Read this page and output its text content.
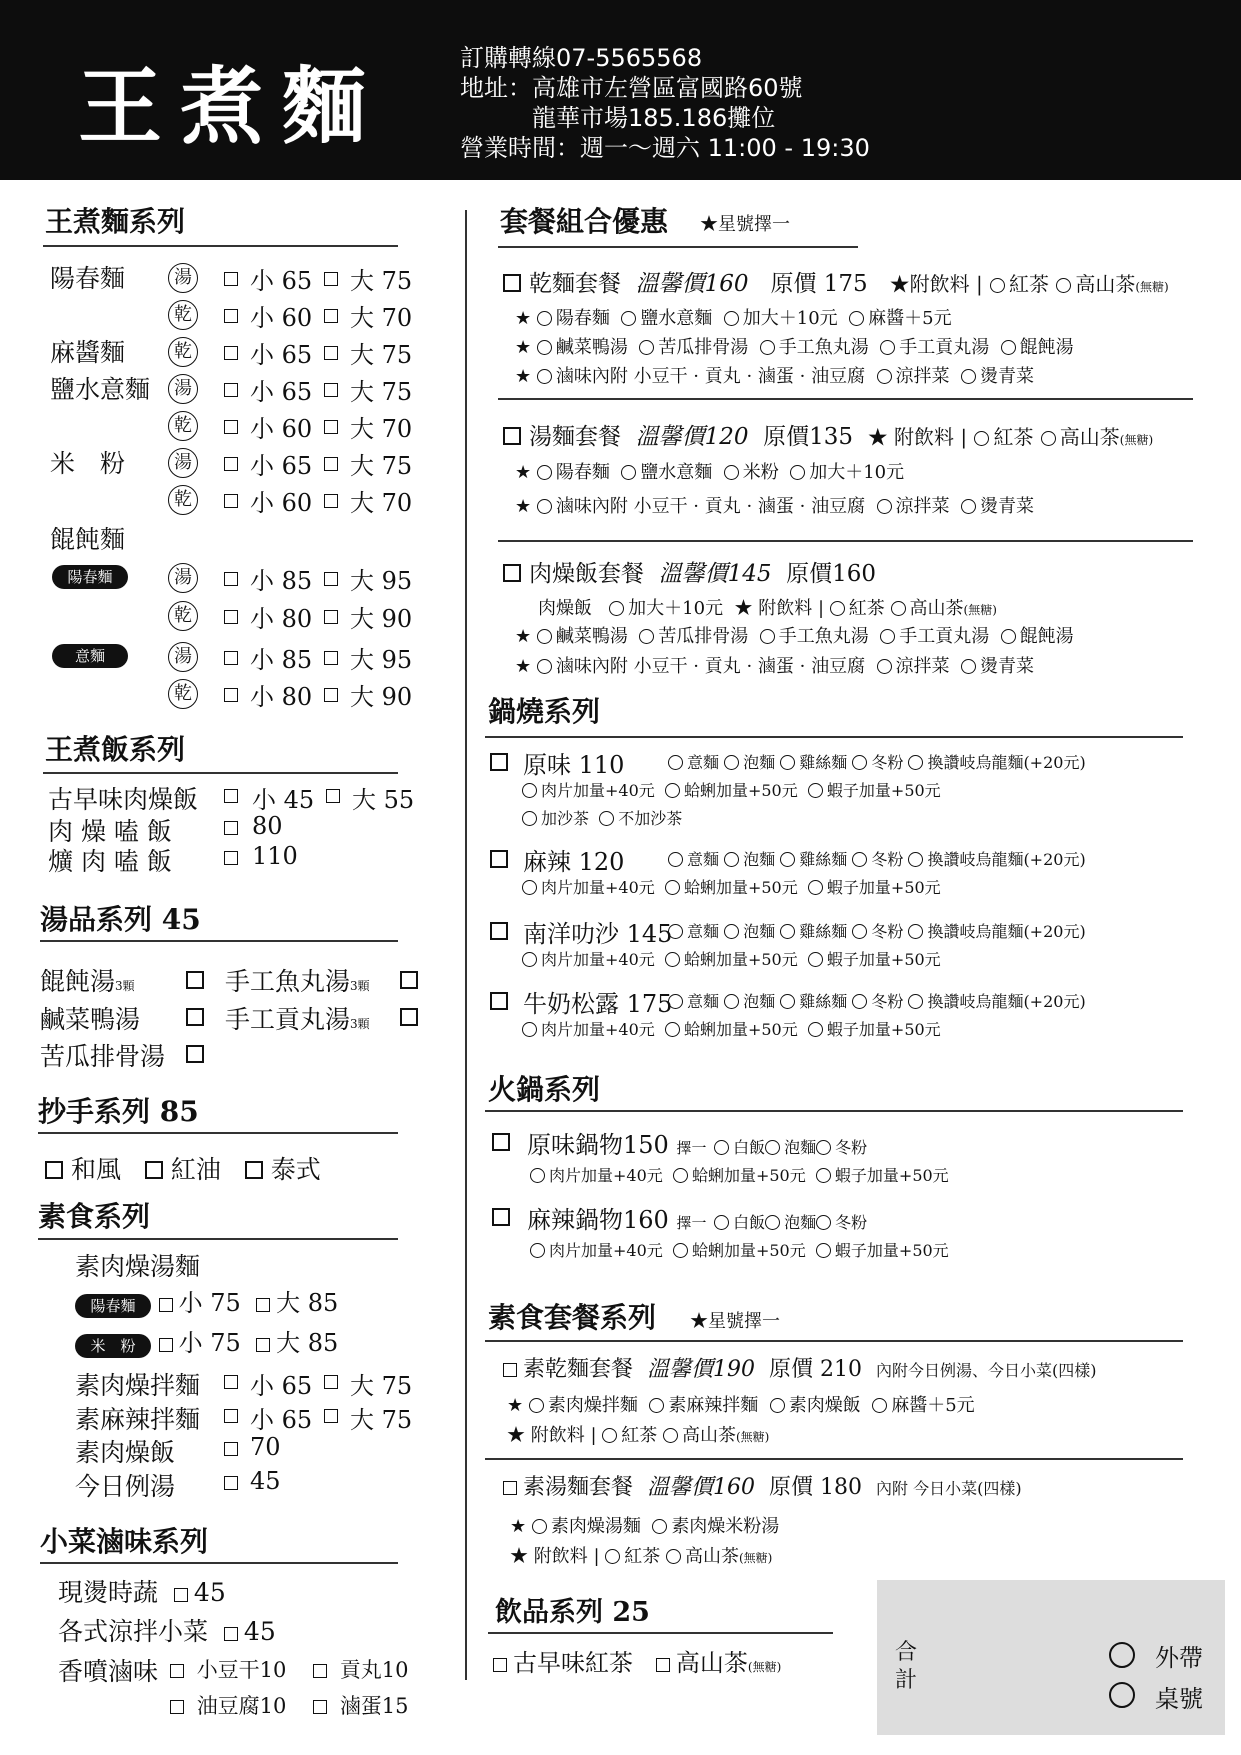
王煮麵	訂購轉線07-5565568
地址：高雄市左營區富國路60號
龍華市場185.186攤位
營業時間：週一～週六 11:00 - 19:30
王煮麵系列
陽春麵	湯 小 65 大 75
乾 小 60 大 70
麻醬麵	乾 小 65 大 75
鹽水意麵	湯 小 65 大 75
乾 小 60 大 70
米　粉	湯 小 65 大 75
乾 小 60 大 70
餛飩麵
陽春麵	湯 小 85 大 95
乾 小 80 大 90
意麵	湯 小 85 大 95
乾 小 80 大 90
王煮飯系列
古早味肉燥飯 小 45 大 55
肉 燥 嗑 飯	80
爌 肉 嗑 飯	110
湯品系列 45
餛飩湯3顆	手工魚丸湯3顆
鹹菜鴨湯	手工貢丸湯3顆
苦瓜排骨湯
抄手系列 85
和風 紅油 泰式
素食系列
素肉燥湯麵
陽春麵 小 75 大 85
米　粉 小 75 大 85
素肉燥拌麵 小 65 大 75
素麻辣拌麵 小 65 大 75
素肉燥飯	70
今日例湯	45
小菜滷味系列
現燙時蔬 45
各式涼拌小菜 45
香噴滷味	小豆干10	貢丸10
油豆腐10	滷蛋15
套餐組合優惠 ★星號擇一
乾麵套餐 溫馨價160 原價 175 ★附飲料 | 紅茶 高山茶(無糖)
★ 陽春麵 鹽水意麵 加大＋10元 麻醬＋5元
★ 鹹菜鴨湯 苦瓜排骨湯 手工魚丸湯 手工貢丸湯 餛飩湯
★ 滷味內附 小豆干 · 貢丸 · 滷蛋 · 油豆腐 涼拌菜 燙青菜
湯麵套餐 溫馨價120 原價135 ★ 附飲料 | 紅茶 高山茶(無糖)
★ 陽春麵 鹽水意麵 米粉 加大＋10元
★ 滷味內附 小豆干 · 貢丸 · 滷蛋 · 油豆腐 涼拌菜 燙青菜
肉燥飯套餐 溫馨價145 原價160
肉燥飯 加大＋10元 ★ 附飲料 | 紅茶 高山茶(無糖)
★ 鹹菜鴨湯 苦瓜排骨湯 手工魚丸湯 手工貢丸湯 餛飩湯
★ 滷味內附 小豆干 · 貢丸 · 滷蛋 · 油豆腐 涼拌菜 燙青菜
鍋燒系列
原味 110	意麵 泡麵 雞絲麵 冬粉 換讚岐烏龍麵(+20元)
肉片加量+40元 蛤蜊加量+50元 蝦子加量+50元
加沙茶 不加沙茶
麻辣 120	意麵 泡麵 雞絲麵 冬粉 換讚岐烏龍麵(+20元)
肉片加量+40元 蛤蜊加量+50元 蝦子加量+50元
南洋叻沙 145 意麵 泡麵 雞絲麵 冬粉 換讚岐烏龍麵(+20元)
肉片加量+40元 蛤蜊加量+50元 蝦子加量+50元
牛奶松露 175 意麵 泡麵 雞絲麵 冬粉 換讚岐烏龍麵(+20元)
肉片加量+40元 蛤蜊加量+50元 蝦子加量+50元
火鍋系列
原味鍋物150 擇一 白飯 泡麵 冬粉
肉片加量+40元 蛤蜊加量+50元 蝦子加量+50元
麻辣鍋物160 擇一 白飯 泡麵 冬粉
肉片加量+40元 蛤蜊加量+50元 蝦子加量+50元
素食套餐系列 ★星號擇一
素乾麵套餐 溫馨價190 原價 210 內附今日例湯、今日小菜(四樣)
★ 素肉燥拌麵 素麻辣拌麵 素肉燥飯 麻醬＋5元
★ 附飲料 | 紅茶 高山茶(無糖)
素湯麵套餐 溫馨價160 原價 180 內附 今日小菜(四樣)
★ 素肉燥湯麵 素肉燥米粉湯
★ 附飲料 | 紅茶 高山茶(無糖)
飲品系列 25
古早味紅茶 高山茶(無糖)
合
計
外帶
桌號
